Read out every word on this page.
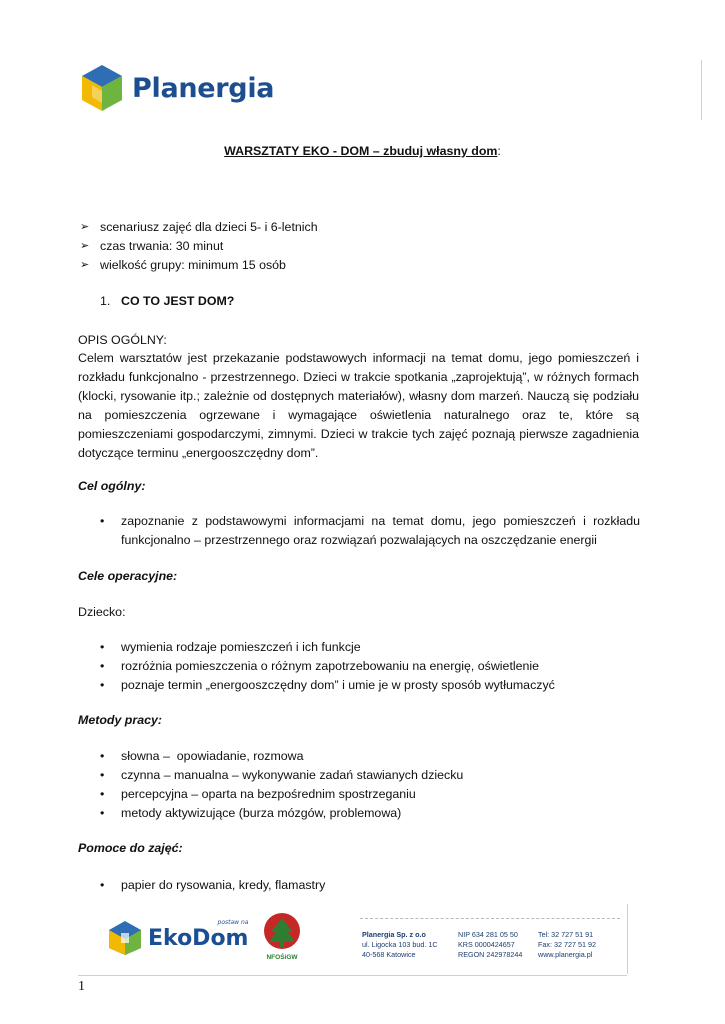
Planergia
WARSZTATY EKO - DOM – zbuduj własny dom:
➢ scenariusz zajęć dla dzieci 5- i 6-letnich
➢ czas trwania: 30 minut
➢ wielkość grupy: minimum 15 osób
1. CO TO JEST DOM?
OPIS OGÓLNY:
Celem warsztatów jest przekazanie podstawowych informacji na temat domu, jego pomieszczeń i rozkładu funkcjonalno - przestrzennego. Dzieci w trakcie spotkania „zaprojektują”, w różnych formach (klocki, rysowanie itp.; zależnie od dostępnych materiałów), własny dom marzeń. Nauczą się podziału na pomieszczenia ogrzewane i wymagające oświetlenia naturalnego oraz te, które są pomieszczeniami gospodarczymi, zimnymi. Dzieci w trakcie tych zajęć poznają pierwsze zagadnienia dotyczące terminu „energooszczędny dom”.
Cel ogólny:
• zapoznanie z podstawowymi informacjami na temat domu, jego pomieszczeń i rozkładu funkcjonalno – przestrzennego oraz rozwiązań pozwalających na oszczędzanie energii
Cele operacyjne:
Dziecko:
• wymienia rodzaje pomieszczeń i ich funkcje
• rozróżnia pomieszczenia o różnym zapotrzebowaniu na energię, oświetlenie
• poznaje termin „energooszczędny dom” i umie je w prosty sposób wytłumaczyć
Metody pracy:
• słowna –  opowiadanie, rozmowa
• czynna – manualna – wykonywanie zadań stawianych dziecku
• percepcyjna – oparta na bezpośrednim spostrzeganiu
• metody aktywizujące (burza mózgów, problemowa)
Pomoce do zajęć:
• papier do rysowania, kredy, flamastry
postaw na
EkoDom
NFOŚiGW
Planergia Sp. z o.o
ul. Ligocka 103 bud. 1C
40-568 Katowice
NIP 634 281 05 50
KRS 0000424657
REGON 242978244
Tel: 32 727 51 91
Fax: 32 727 51 92
www.planergia.pl
1
